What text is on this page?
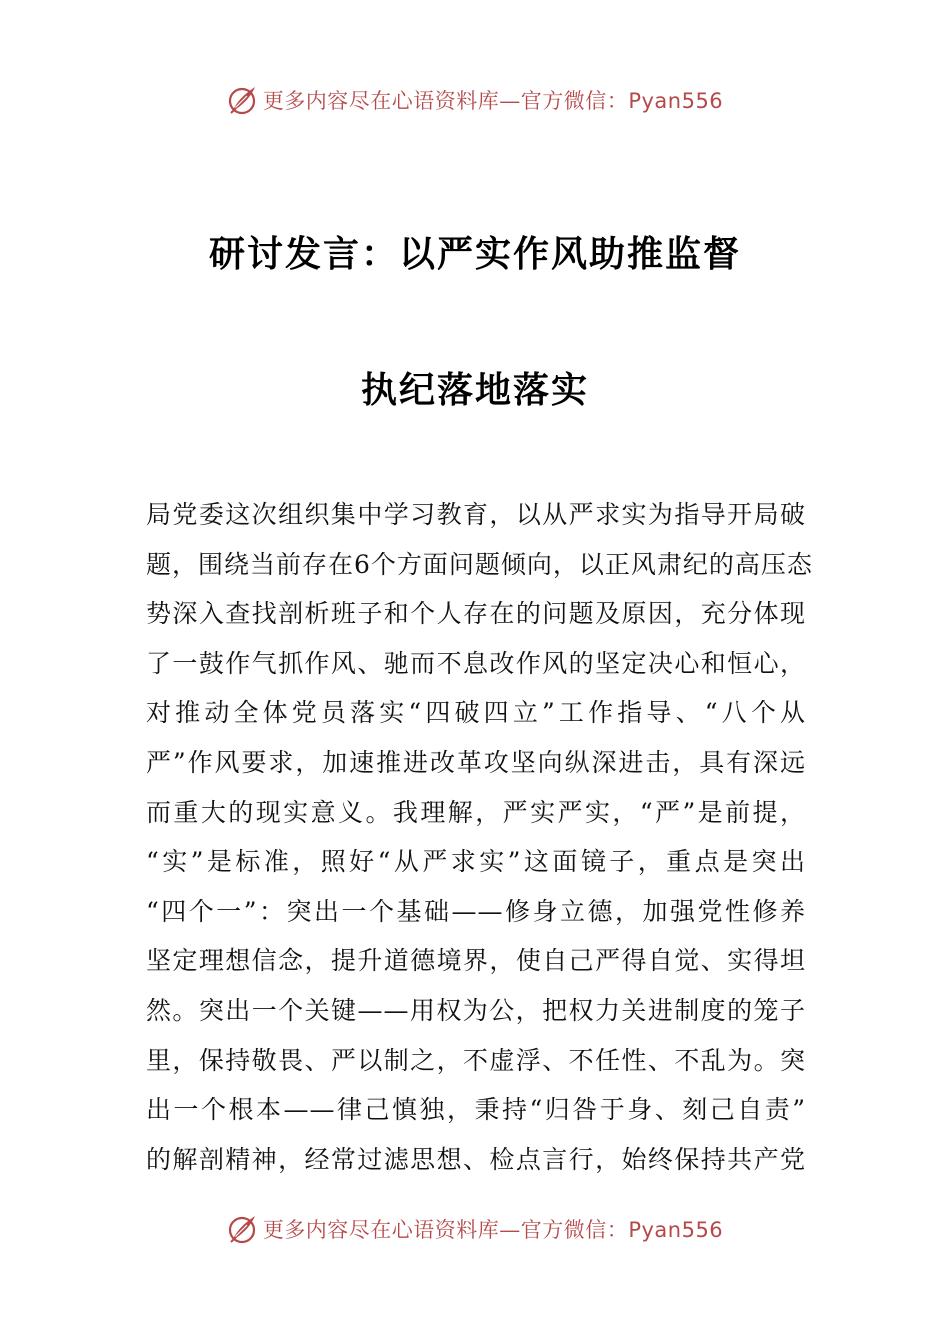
更多内容尽在心语资料库—官方微信：Pyan556
研讨发言：以严实作风助推监督
执纪落地落实
局党委这次组织集中学习教育，以从严求实为指导开局破
题，围绕当前存在6个方面问题倾向，以正风肃纪的高压态
势深入查找剖析班子和个人存在的问题及原因，充分体现
了一鼓作气抓作风、驰而不息改作风的坚定决心和恒心，
对推动全体党员落实“四破四立”工作指导、“八个从
严”作风要求，加速推进改革攻坚向纵深进击，具有深远
而重大的现实意义。我理解，严实严实，“严”是前提，
“实”是标准，照好“从严求实”这面镜子，重点是突出
“四个一”：突出一个基础——修身立德，加强党性修养
坚定理想信念，提升道德境界，使自己严得自觉、实得坦
然。突出一个关键——用权为公，把权力关进制度的笼子
里，保持敬畏、严以制之，不虚浮、不任性、不乱为。突
出一个根本——律己慎独，秉持“归咎于身、刻己自责”
的解剖精神，经常过滤思想、检点言行，始终保持共产党
更多内容尽在心语资料库—官方微信：Pyan556
